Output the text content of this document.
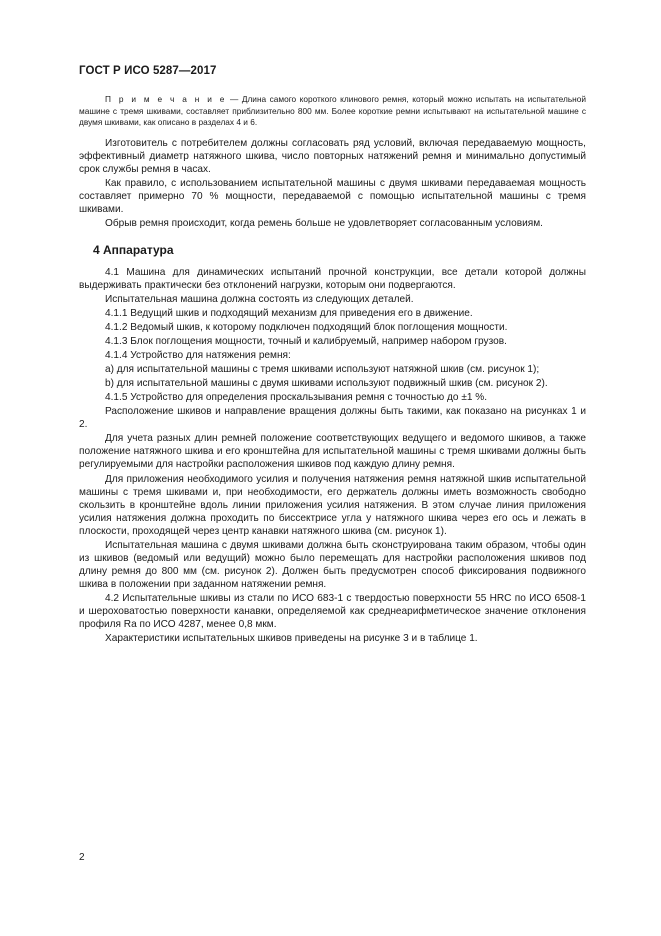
ГОСТ Р ИСО 5287—2017

П р и м е ч а н и е — Длина самого короткого клинового ремня, который можно испытать на испытательной машине с тремя шкивами, составляет приблизительно 800 мм. Более короткие ремни испытывают на испытательной машине с двумя шкивами, как описано в разделах 4 и 6.

Изготовитель с потребителем должны согласовать ряд условий, включая передаваемую мощность, эффективный диаметр натяжного шкива, число повторных натяжений ремня и минимально допустимый срок службы ремня в часах.

Как правило, с использованием испытательной машины с двумя шкивами передаваемая мощность составляет примерно 70 % мощности, передаваемой с помощью испытательной машины с тремя шкивами.

Обрыв ремня происходит, когда ремень больше не удовлетворяет согласованным условиям.

4 Аппаратура

4.1 Машина для динамических испытаний прочной конструкции, все детали которой должны выдерживать практически без отклонений нагрузки, которым они подвергаются.

Испытательная машина должна состоять из следующих деталей.

4.1.1 Ведущий шкив и подходящий механизм для приведения его в движение.

4.1.2 Ведомый шкив, к которому подключен подходящий блок поглощения мощности.

4.1.3 Блок поглощения мощности, точный и калибруемый, например набором грузов.

4.1.4 Устройство для натяжения ремня:

a) для испытательной машины с тремя шкивами используют натяжной шкив (см. рисунок 1);

b) для испытательной машины с двумя шкивами используют подвижный шкив (см. рисунок 2).

4.1.5 Устройство для определения проскальзывания ремня с точностью до ±1 %.

Расположение шкивов и направление вращения должны быть такими, как показано на рисунках 1 и 2.

Для учета разных длин ремней положение соответствующих ведущего и ведомого шкивов, а также положение натяжного шкива и его кронштейна для испытательной машины с тремя шкивами должны быть регулируемыми для настройки расположения шкивов под каждую длину ремня.

Для приложения необходимого усилия и получения натяжения ремня натяжной шкив испытательной машины с тремя шкивами и, при необходимости, его держатель должны иметь возможность свободно скользить в кронштейне вдоль линии приложения усилия натяжения. В этом случае линия приложения усилия натяжения должна проходить по биссектрисе угла у натяжного шкива через его ось и лежать в плоскости, проходящей через центр канавки натяжного шкива (см. рисунок 1).

Испытательная машина с двумя шкивами должна быть сконструирована таким образом, чтобы один из шкивов (ведомый или ведущий) можно было перемещать для настройки расположения шкивов под длину ремня до 800 мм (см. рисунок 2). Должен быть предусмотрен способ фиксирования подвижного шкива в положении при заданном натяжении ремня.

4.2 Испытательные шкивы из стали по ИСО 683-1 с твердостью поверхности 55 HRC по ИСО 6508-1 и шероховатостью поверхности канавки, определяемой как среднеарифметическое значение отклонения профиля Ra по ИСО 4287, менее 0,8 мкм.

Характеристики испытательных шкивов приведены на рисунке 3 и в таблице 1.

2
